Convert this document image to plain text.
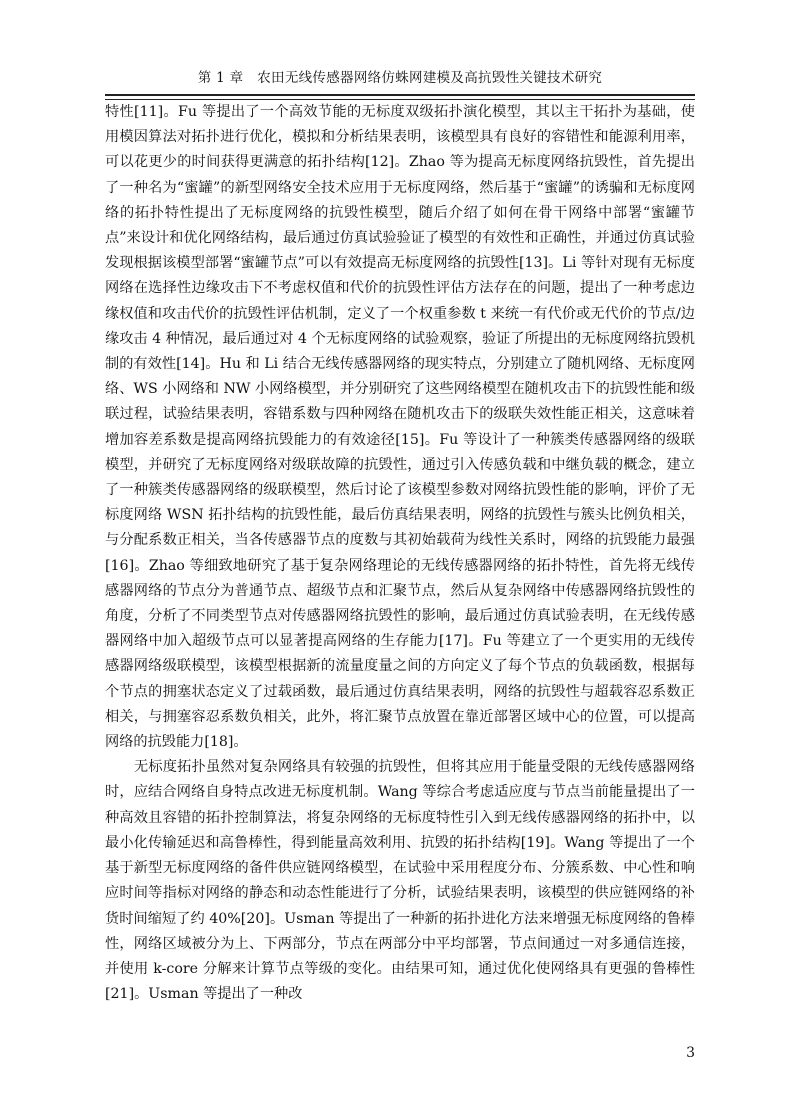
第 1 章　农田无线传感器网络仿蛛网建模及高抗毁性关键技术研究

特性[11]。Fu 等提出了一个高效节能的无标度双级拓扑演化模型，其以主干拓扑为基础，使用模因算法对拓扑进行优化，模拟和分析结果表明，该模型具有良好的容错性和能源利用率，可以花更少的时间获得更满意的拓扑结构[12]。Zhao 等为提高无标度网络抗毁性，首先提出了一种名为“蜜罐”的新型网络安全技术应用于无标度网络，然后基于“蜜罐”的诱骗和无标度网络的拓扑特性提出了无标度网络的抗毁性模型，随后介绍了如何在骨干网络中部署“蜜罐节点”来设计和优化网络结构，最后通过仿真试验验证了模型的有效性和正确性，并通过仿真试验发现根据该模型部署“蜜罐节点”可以有效提高无标度网络的抗毁性[13]。Li 等针对现有无标度网络在选择性边缘攻击下不考虑权值和代价的抗毁性评估方法存在的问题，提出了一种考虑边缘权值和攻击代价的抗毁性评估机制，定义了一个权重参数 t 来统一有代价或无代价的节点/边缘攻击 4 种情况，最后通过对 4 个无标度网络的试验观察，验证了所提出的无标度网络抗毁机制的有效性[14]。Hu 和 Li 结合无线传感器网络的现实特点，分别建立了随机网络、无标度网络、WS 小网络和 NW 小网络模型，并分别研究了这些网络模型在随机攻击下的抗毁性能和级联过程，试验结果表明，容错系数与四种网络在随机攻击下的级联失效性能正相关，这意味着增加容差系数是提高网络抗毁能力的有效途径[15]。Fu 等设计了一种簇类传感器网络的级联模型，并研究了无标度网络对级联故障的抗毁性，通过引入传感负载和中继负载的概念，建立了一种簇类传感器网络的级联模型，然后讨论了该模型参数对网络抗毁性能的影响，评价了无标度网络 WSN 拓扑结构的抗毁性能，最后仿真结果表明，网络的抗毁性与簇头比例负相关，与分配系数正相关，当各传感器节点的度数与其初始载荷为线性关系时，网络的抗毁能力最强[16]。Zhao 等细致地研究了基于复杂网络理论的无线传感器网络的拓扑特性，首先将无线传感器网络的节点分为普通节点、超级节点和汇聚节点，然后从复杂网络中传感器网络抗毁性的角度，分析了不同类型节点对传感器网络抗毁性的影响，最后通过仿真试验表明，在无线传感器网络中加入超级节点可以显著提高网络的生存能力[17]。Fu 等建立了一个更实用的无线传感器网络级联模型，该模型根据新的流量度量之间的方向定义了每个节点的负载函数，根据每个节点的拥塞状态定义了过载函数，最后通过仿真结果表明，网络的抗毁性与超载容忍系数正相关，与拥塞容忍系数负相关，此外，将汇聚节点放置在靠近部署区域中心的位置，可以提高网络的抗毁能力[18]。

无标度拓扑虽然对复杂网络具有较强的抗毁性，但将其应用于能量受限的无线传感器网络时，应结合网络自身特点改进无标度机制。Wang 等综合考虑适应度与节点当前能量提出了一种高效且容错的拓扑控制算法，将复杂网络的无标度特性引入到无线传感器网络的拓扑中，以最小化传输延迟和高鲁棒性，得到能量高效利用、抗毁的拓扑结构[19]。Wang 等提出了一个基于新型无标度网络的备件供应链网络模型，在试验中采用程度分布、分簇系数、中心性和响应时间等指标对网络的静态和动态性能进行了分析，试验结果表明，该模型的供应链网络的补货时间缩短了约 40%[20]。Usman 等提出了一种新的拓扑进化方法来增强无标度网络的鲁棒性，网络区域被分为上、下两部分，节点在两部分中平均部署，节点间通过一对多通信连接，并使用 k-core 分解来计算节点等级的变化。由结果可知，通过优化使网络具有更强的鲁棒性[21]。Usman 等提出了一种改

3
